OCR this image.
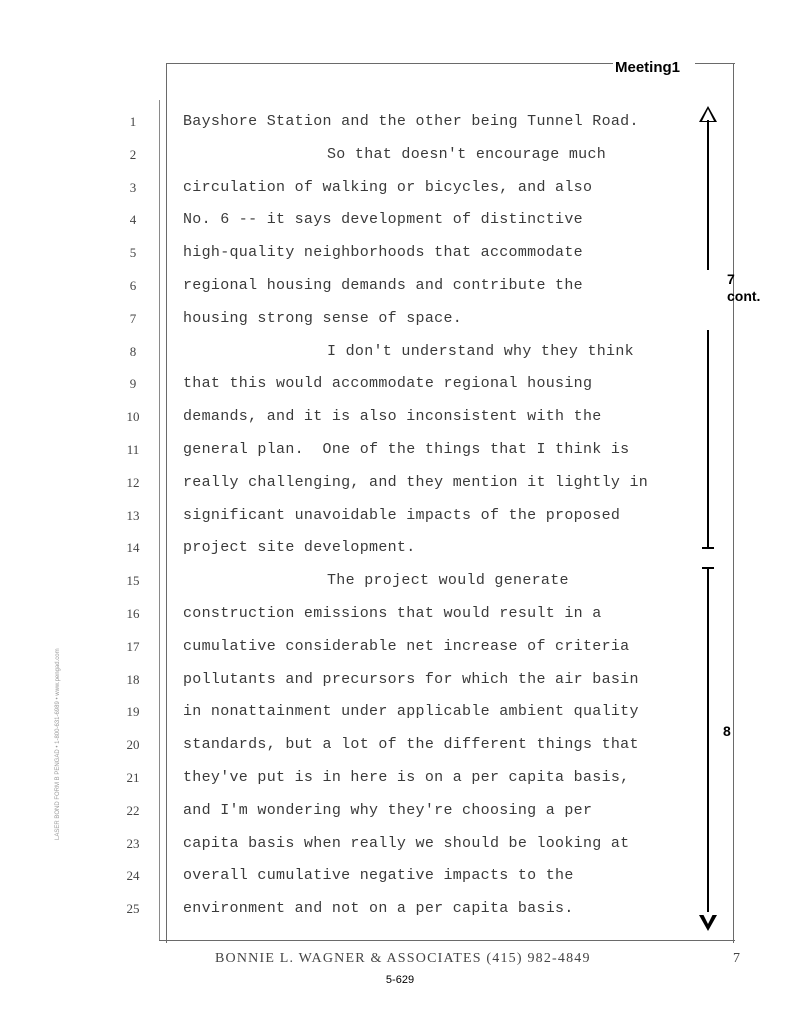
Meeting1
1	Bayshore Station and the other being Tunnel Road.
2	So that doesn't encourage much
3	circulation of walking or bicycles, and also
4	No. 6 -- it says development of distinctive
5	high-quality neighborhoods that accommodate
6	regional housing demands and contribute the
7	housing strong sense of space.
8	I don't understand why they think
9	that this would accommodate regional housing
10	demands, and it is also inconsistent with the
11	general plan.  One of the things that I think is
12	really challenging, and they mention it lightly in
13	significant unavoidable impacts of the proposed
14	project site development.
15	The project would generate
16	construction emissions that would result in a
17	cumulative considerable net increase of criteria
18	pollutants and precursors for which the air basin
19	in nonattainment under applicable ambient quality
20	standards, but a lot of the different things that
21	they've put is in here is on a per capita basis,
22	and I'm wondering why they're choosing a per
23	capita basis when really we should be looking at
24	overall cumulative negative impacts to the
25	environment and not on a per capita basis.
7
cont.
8
BONNIE L. WAGNER & ASSOCIATES (415) 982-4849	7
5-629
LASER BOND FORM B PENGAD • 1-800-631-6989 • www.pengad.com
